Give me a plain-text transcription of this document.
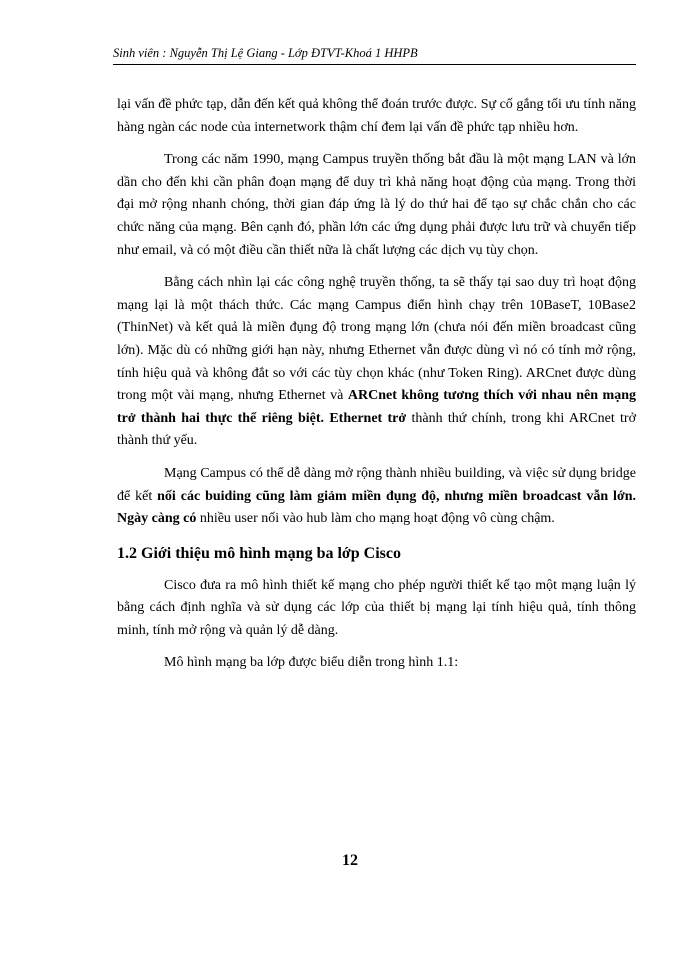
Sinh viên : Nguyễn Thị Lệ Giang - Lớp ĐTVT-Khoá 1 HHPB

lại vấn đề phức tạp, dẫn đến kết quả không thể đoán trước được. Sự cố gắng tối ưu tính năng hàng ngàn các node của internetwork thậm chí đem lại vấn đề phức tạp nhiều hơn.

Trong các năm 1990, mạng Campus truyền thống bắt đầu là một mạng LAN và lớn dần cho đến khi cần phân đoạn mạng để duy trì khả năng hoạt động của mạng. Trong thời đại mở rộng nhanh chóng, thời gian đáp ứng là lý do thứ hai để tạo sự chắc chắn cho các chức năng của mạng. Bên cạnh đó, phần lớn các ứng dụng phải được lưu trữ và chuyển tiếp như email, và có một điều cần thiết nữa là chất lượng các dịch vụ tùy chọn.

Bằng cách nhìn lại các công nghệ truyền thống, ta sẽ thấy tại sao duy trì hoạt động mạng lại là một thách thức. Các mạng Campus điển hình chạy trên 10BaseT, 10Base2 (ThinNet) và kết quả là miền đụng độ trong mạng lớn (chưa nói đến miền broadcast cũng lớn). Mặc dù có những giới hạn này, nhưng Ethernet vẫn được dùng vì nó có tính mở rộng, tính hiệu quả và không đắt so với các tùy chọn khác (như Token Ring). ARCnet được dùng trong một vài mạng, nhưng Ethernet và ARCnet không tương thích với nhau nên mạng trở thành hai thực thể riêng biệt. Ethernet trở thành thứ chính, trong khi ARCnet trở thành thứ yếu.

Mạng Campus có thể dễ dàng mở rộng thành nhiều building, và việc sử dụng bridge để kết nối các buiding cũng làm giảm miền đụng độ, nhưng miền broadcast vẫn lớn. Ngày càng có nhiều user nối vào hub làm cho mạng hoạt động vô cùng chậm.

1.2 Giới thiệu mô hình mạng ba lớp Cisco

Cisco đưa ra mô hình thiết kế mạng cho phép người thiết kế tạo một mạng luận lý bằng cách định nghĩa và sử dụng các lớp của thiết bị mạng lại tính hiệu quả, tính thông minh, tính mở rộng và quản lý dễ dàng.

Mô hình mạng ba lớp được biểu diễn trong hình 1.1:

12
